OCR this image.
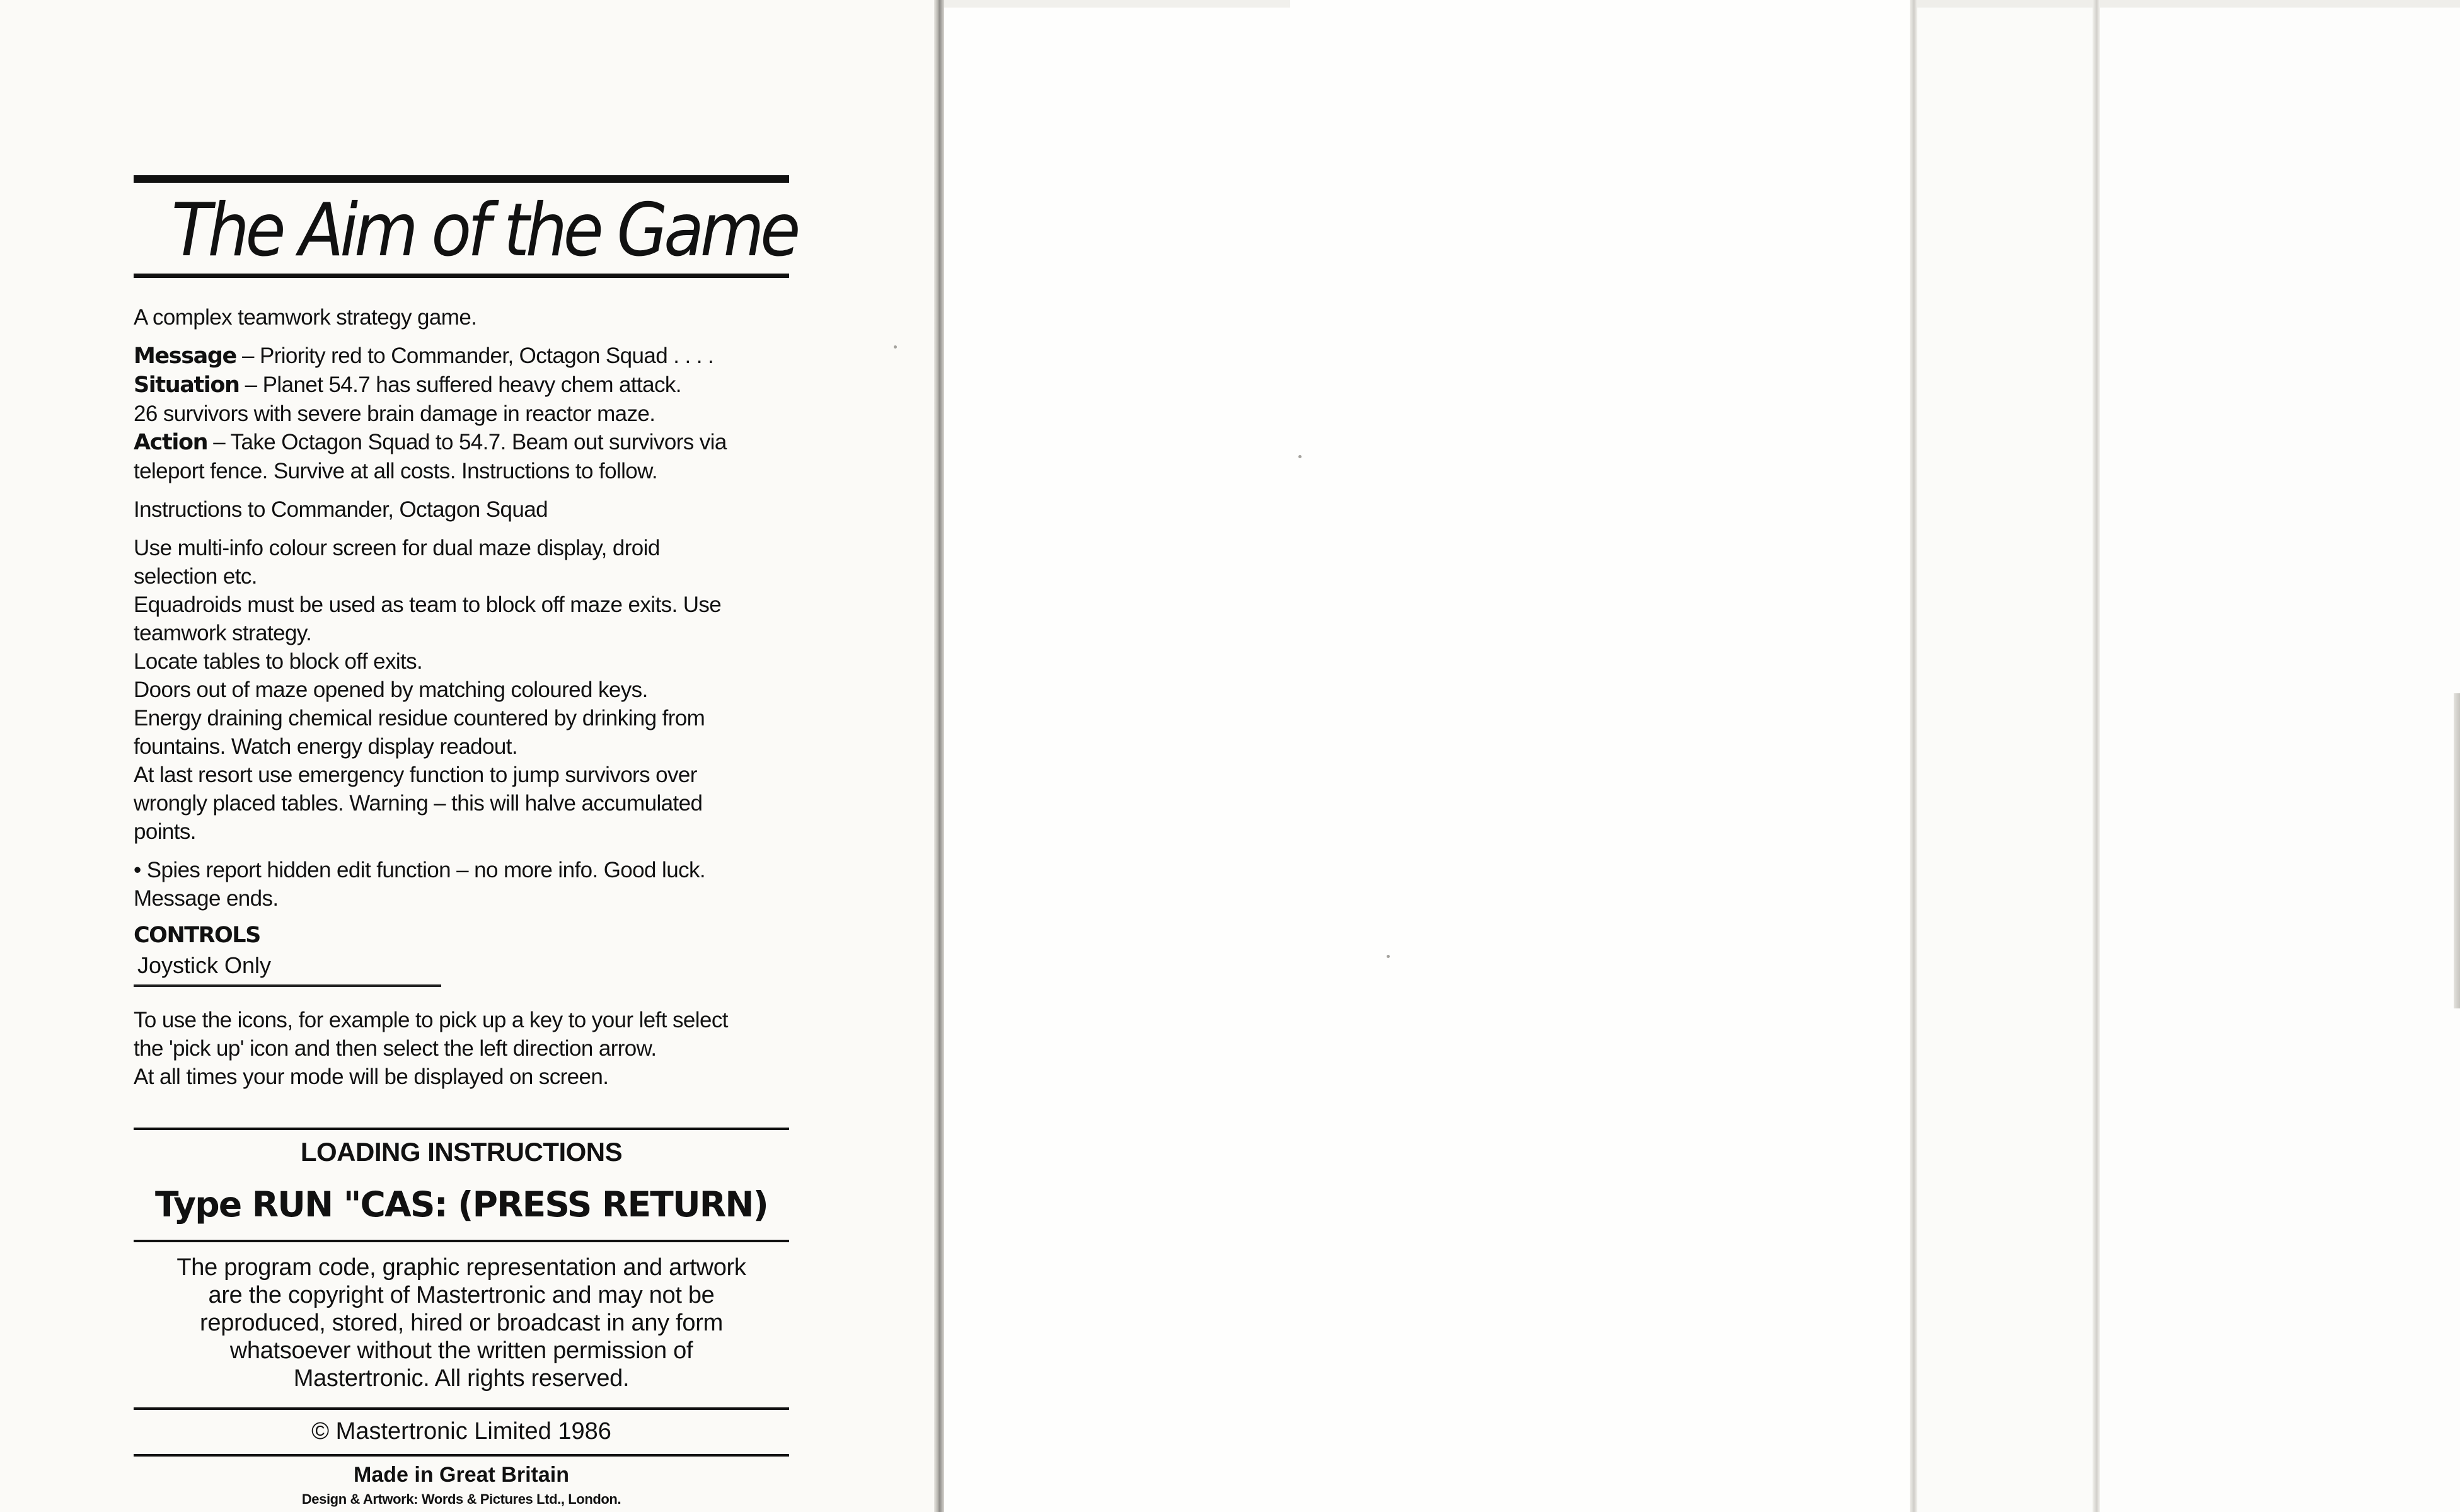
The Aim of the Game

A complex teamwork strategy game.

Message – Priority red to Commander, Octagon Squad . . . .

Situation – Planet 54.7 has suffered heavy chem attack.

26 survivors with severe brain damage in reactor maze.

Action – Take Octagon Squad to 54.7. Beam out survivors via

teleport fence. Survive at all costs. Instructions to follow.

Instructions to Commander, Octagon Squad

Use multi-info colour screen for dual maze display, droid

selection etc.

Equadroids must be used as team to block off maze exits. Use

teamwork strategy.

Locate tables to block off exits.

Doors out of maze opened by matching coloured keys.

Energy draining chemical residue countered by drinking from

fountains. Watch energy display readout.

At last resort use emergency function to jump survivors over

wrongly placed tables. Warning – this will halve accumulated

points.

• Spies report hidden edit function – no more info. Good luck.

Message ends.

CONTROLS
Joystick Only

To use the icons, for example to pick up a key to your left select

the 'pick up' icon and then select the left direction arrow.

At all times your mode will be displayed on screen.

LOADING INSTRUCTIONS
Type RUN "CAS: (PRESS RETURN)
The program code, graphic representation and artwork
are the copyright of Mastertronic and may not be
reproduced, stored, hired or broadcast in any form
whatsoever without the written permission of
Mastertronic. All rights reserved.
© Mastertronic Limited 1986
Made in Great Britain
Design & Artwork: Words & Pictures Ltd., London.
